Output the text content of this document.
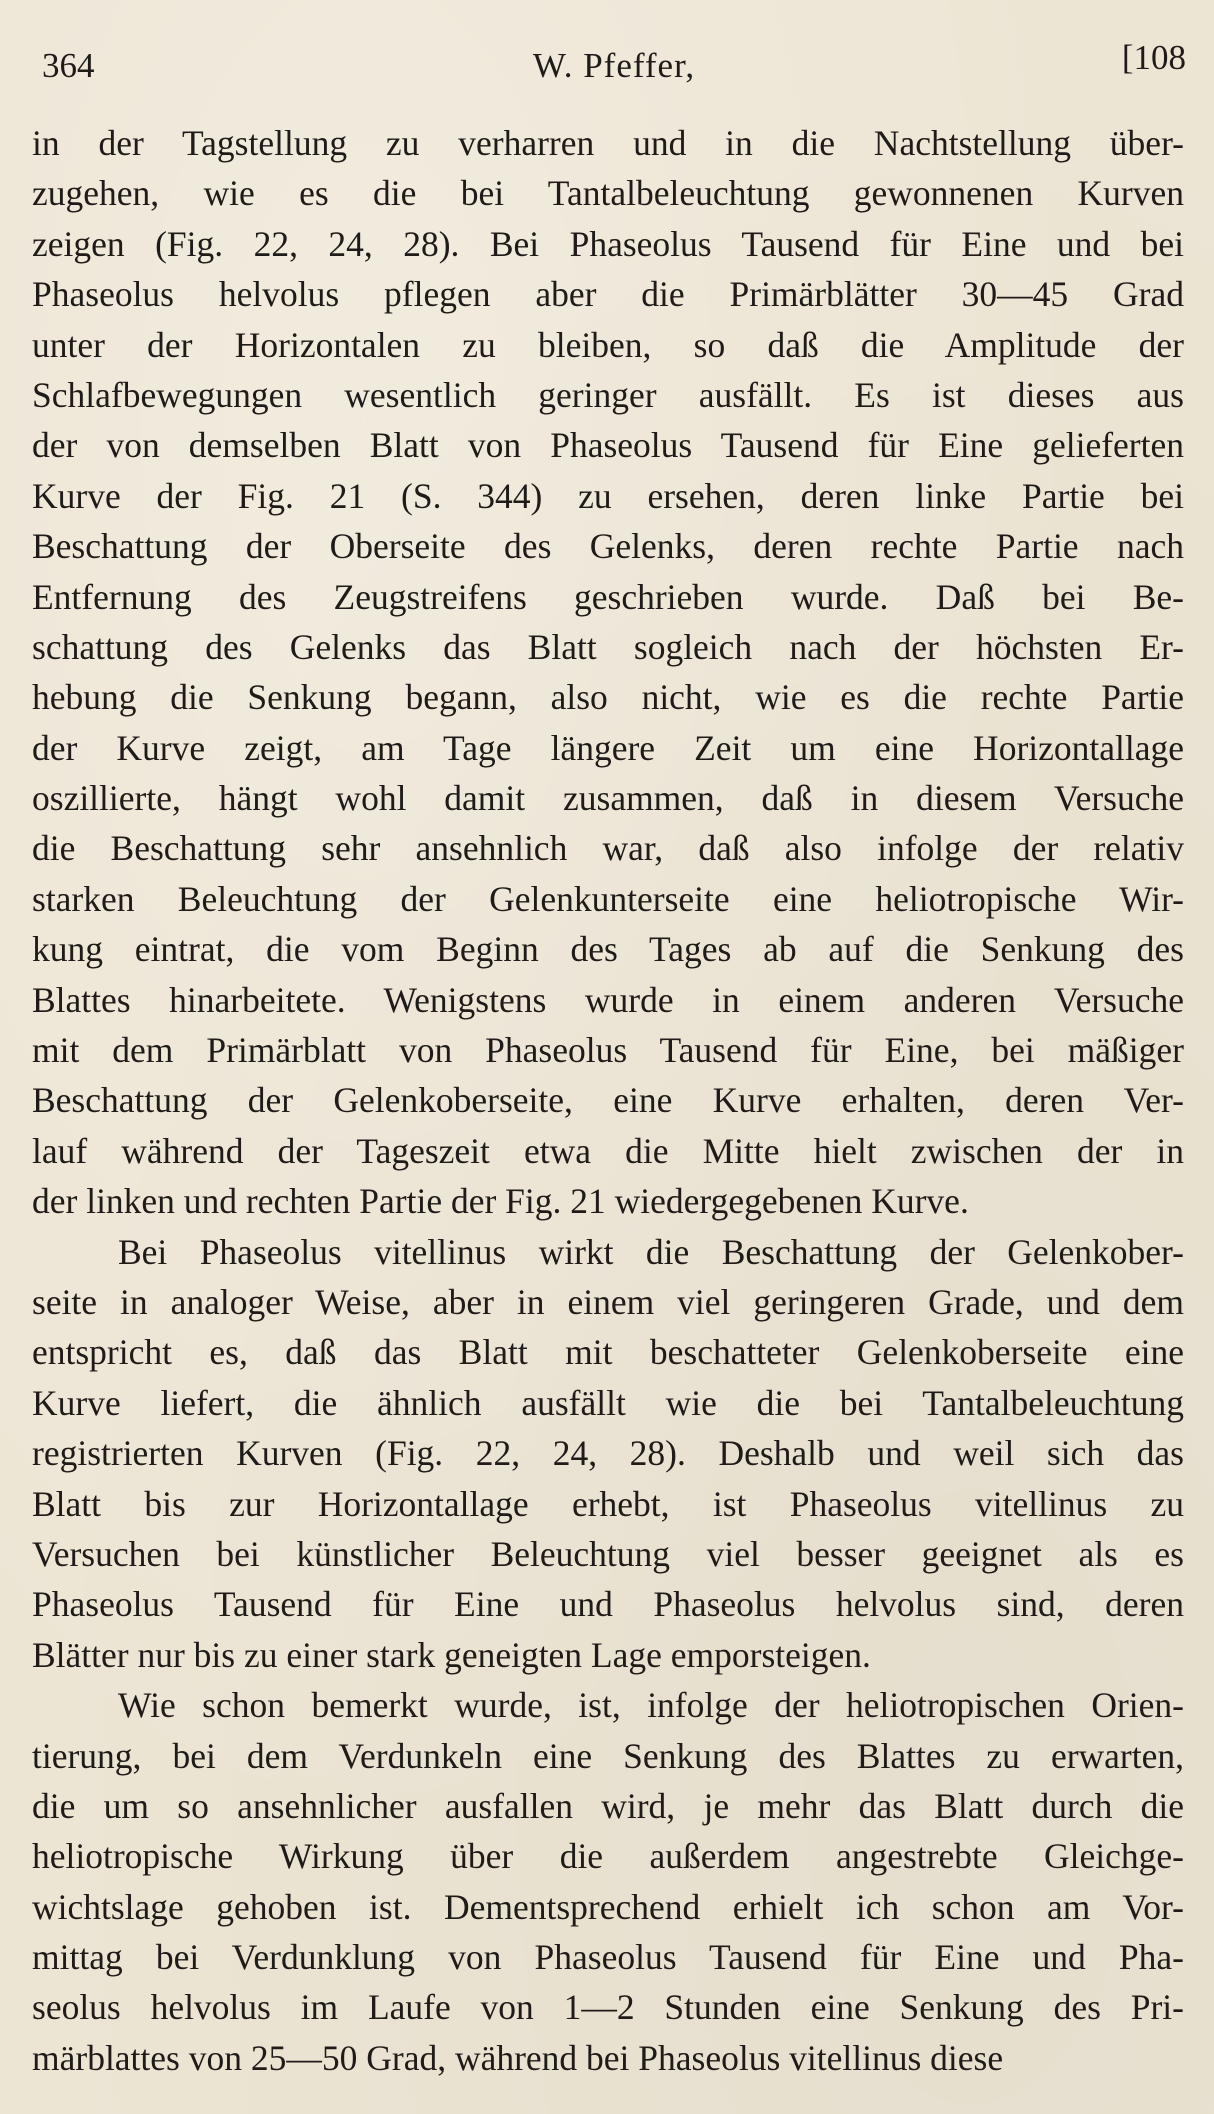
364	W. Pfeffer,	[108
in der Tagstellung zu verharren und in die Nachtstellung über-
zugehen, wie es die bei Tantalbeleuchtung gewonnenen Kurven
zeigen (Fig. 22, 24, 28). Bei Phaseolus Tausend für Eine und bei
Phaseolus helvolus pflegen aber die Primärblätter 30—45 Grad
unter der Horizontalen zu bleiben, so daß die Amplitude der
Schlafbewegungen wesentlich geringer ausfällt. Es ist dieses aus
der von demselben Blatt von Phaseolus Tausend für Eine gelieferten
Kurve der Fig. 21 (S. 344) zu ersehen, deren linke Partie bei
Beschattung der Oberseite des Gelenks, deren rechte Partie nach
Entfernung des Zeugstreifens geschrieben wurde. Daß bei Be-
schattung des Gelenks das Blatt sogleich nach der höchsten Er-
hebung die Senkung begann, also nicht, wie es die rechte Partie
der Kurve zeigt, am Tage längere Zeit um eine Horizontallage
oszillierte, hängt wohl damit zusammen, daß in diesem Versuche
die Beschattung sehr ansehnlich war, daß also infolge der relativ
starken Beleuchtung der Gelenkunterseite eine heliotropische Wir-
kung eintrat, die vom Beginn des Tages ab auf die Senkung des
Blattes hinarbeitete. Wenigstens wurde in einem anderen Versuche
mit dem Primärblatt von Phaseolus Tausend für Eine, bei mäßiger
Beschattung der Gelenkoberseite, eine Kurve erhalten, deren Ver-
lauf während der Tageszeit etwa die Mitte hielt zwischen der in
der linken und rechten Partie der Fig. 21 wiedergegebenen Kurve.
Bei Phaseolus vitellinus wirkt die Beschattung der Gelenkober-
seite in analoger Weise, aber in einem viel geringeren Grade, und dem
entspricht es, daß das Blatt mit beschatteter Gelenkoberseite eine
Kurve liefert, die ähnlich ausfällt wie die bei Tantalbeleuchtung
registrierten Kurven (Fig. 22, 24, 28). Deshalb und weil sich das
Blatt bis zur Horizontallage erhebt, ist Phaseolus vitellinus zu
Versuchen bei künstlicher Beleuchtung viel besser geeignet als es
Phaseolus Tausend für Eine und Phaseolus helvolus sind, deren
Blätter nur bis zu einer stark geneigten Lage emporsteigen.
Wie schon bemerkt wurde, ist, infolge der heliotropischen Orien-
tierung, bei dem Verdunkeln eine Senkung des Blattes zu erwarten,
die um so ansehnlicher ausfallen wird, je mehr das Blatt durch die
heliotropische Wirkung über die außerdem angestrebte Gleichge-
wichtslage gehoben ist. Dementsprechend erhielt ich schon am Vor-
mittag bei Verdunklung von Phaseolus Tausend für Eine und Pha-
seolus helvolus im Laufe von 1—2 Stunden eine Senkung des Pri-
märblattes von 25—50 Grad, während bei Phaseolus vitellinus diese
